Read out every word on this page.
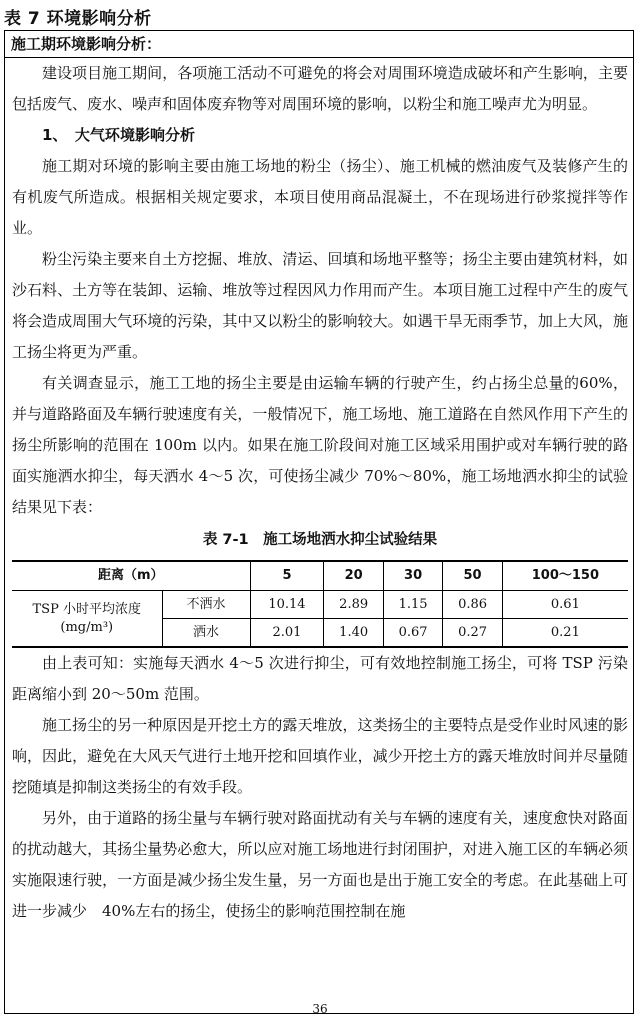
表 7 环境影响分析
施工期环境影响分析：

建设项目施工期间，各项施工活动不可避免的将会对周围环境造成破坏和产生影响，主要包括废气、废水、噪声和固体废弃物等对周围环境的影响，以粉尘和施工噪声尤为明显。

1、　大气环境影响分析

施工期对环境的影响主要由施工场地的粉尘（扬尘）、施工机械的燃油废气及装修产生的有机废气所造成。根据相关规定要求，本项目使用商品混凝土，不在现场进行砂浆搅拌等作业。

粉尘污染主要来自土方挖掘、堆放、清运、回填和场地平整等；扬尘主要由建筑材料，如沙石料、土方等在装卸、运输、堆放等过程因风力作用而产生。本项目施工过程中产生的废气将会造成周围大气环境的污染，其中又以粉尘的影响较大。如遇干旱无雨季节，加上大风，施工扬尘将更为严重。

有关调查显示，施工工地的扬尘主要是由运输车辆的行驶产生，约占扬尘总量的60%，并与道路路面及车辆行驶速度有关，一般情况下，施工场地、施工道路在自然风作用下产生的扬尘所影响的范围在 100m 以内。如果在施工阶段间对施工区域采用围护或对车辆行驶的路面实施洒水抑尘，每天洒水 4～5 次，可使扬尘减少 70%～80%，施工场地洒水抑尘的试验结果见下表：

表 7-1　施工场地洒水抑尘试验结果
距离（m）		5	20	30	50	100～150

TSP 小时平均浓度
(mg/m³)	不洒水	10.14	2.89	1.15	0.86	0.61
	洒水	2.01	1.40	0.67	0.27	0.21

由上表可知：实施每天洒水 4～5 次进行抑尘，可有效地控制施工扬尘，可将 TSP 污染距离缩小到 20～50m 范围。

施工扬尘的另一种原因是开挖土方的露天堆放，这类扬尘的主要特点是受作业时风速的影响，因此，避免在大风天气进行土地开挖和回填作业，减少开挖土方的露天堆放时间并尽量随挖随填是抑制这类扬尘的有效手段。

另外，由于道路的扬尘量与车辆行驶对路面扰动有关与车辆的速度有关，速度愈快对路面的扰动越大，其扬尘量势必愈大，所以应对施工场地进行封闭围护，对进入施工区的车辆必须实施限速行驶，一方面是减少扬尘发生量，另一方面也是出于施工安全的考虑。在此基础上可进一步减少　40%左右的扬尘，使扬尘的影响范围控制在施

36
